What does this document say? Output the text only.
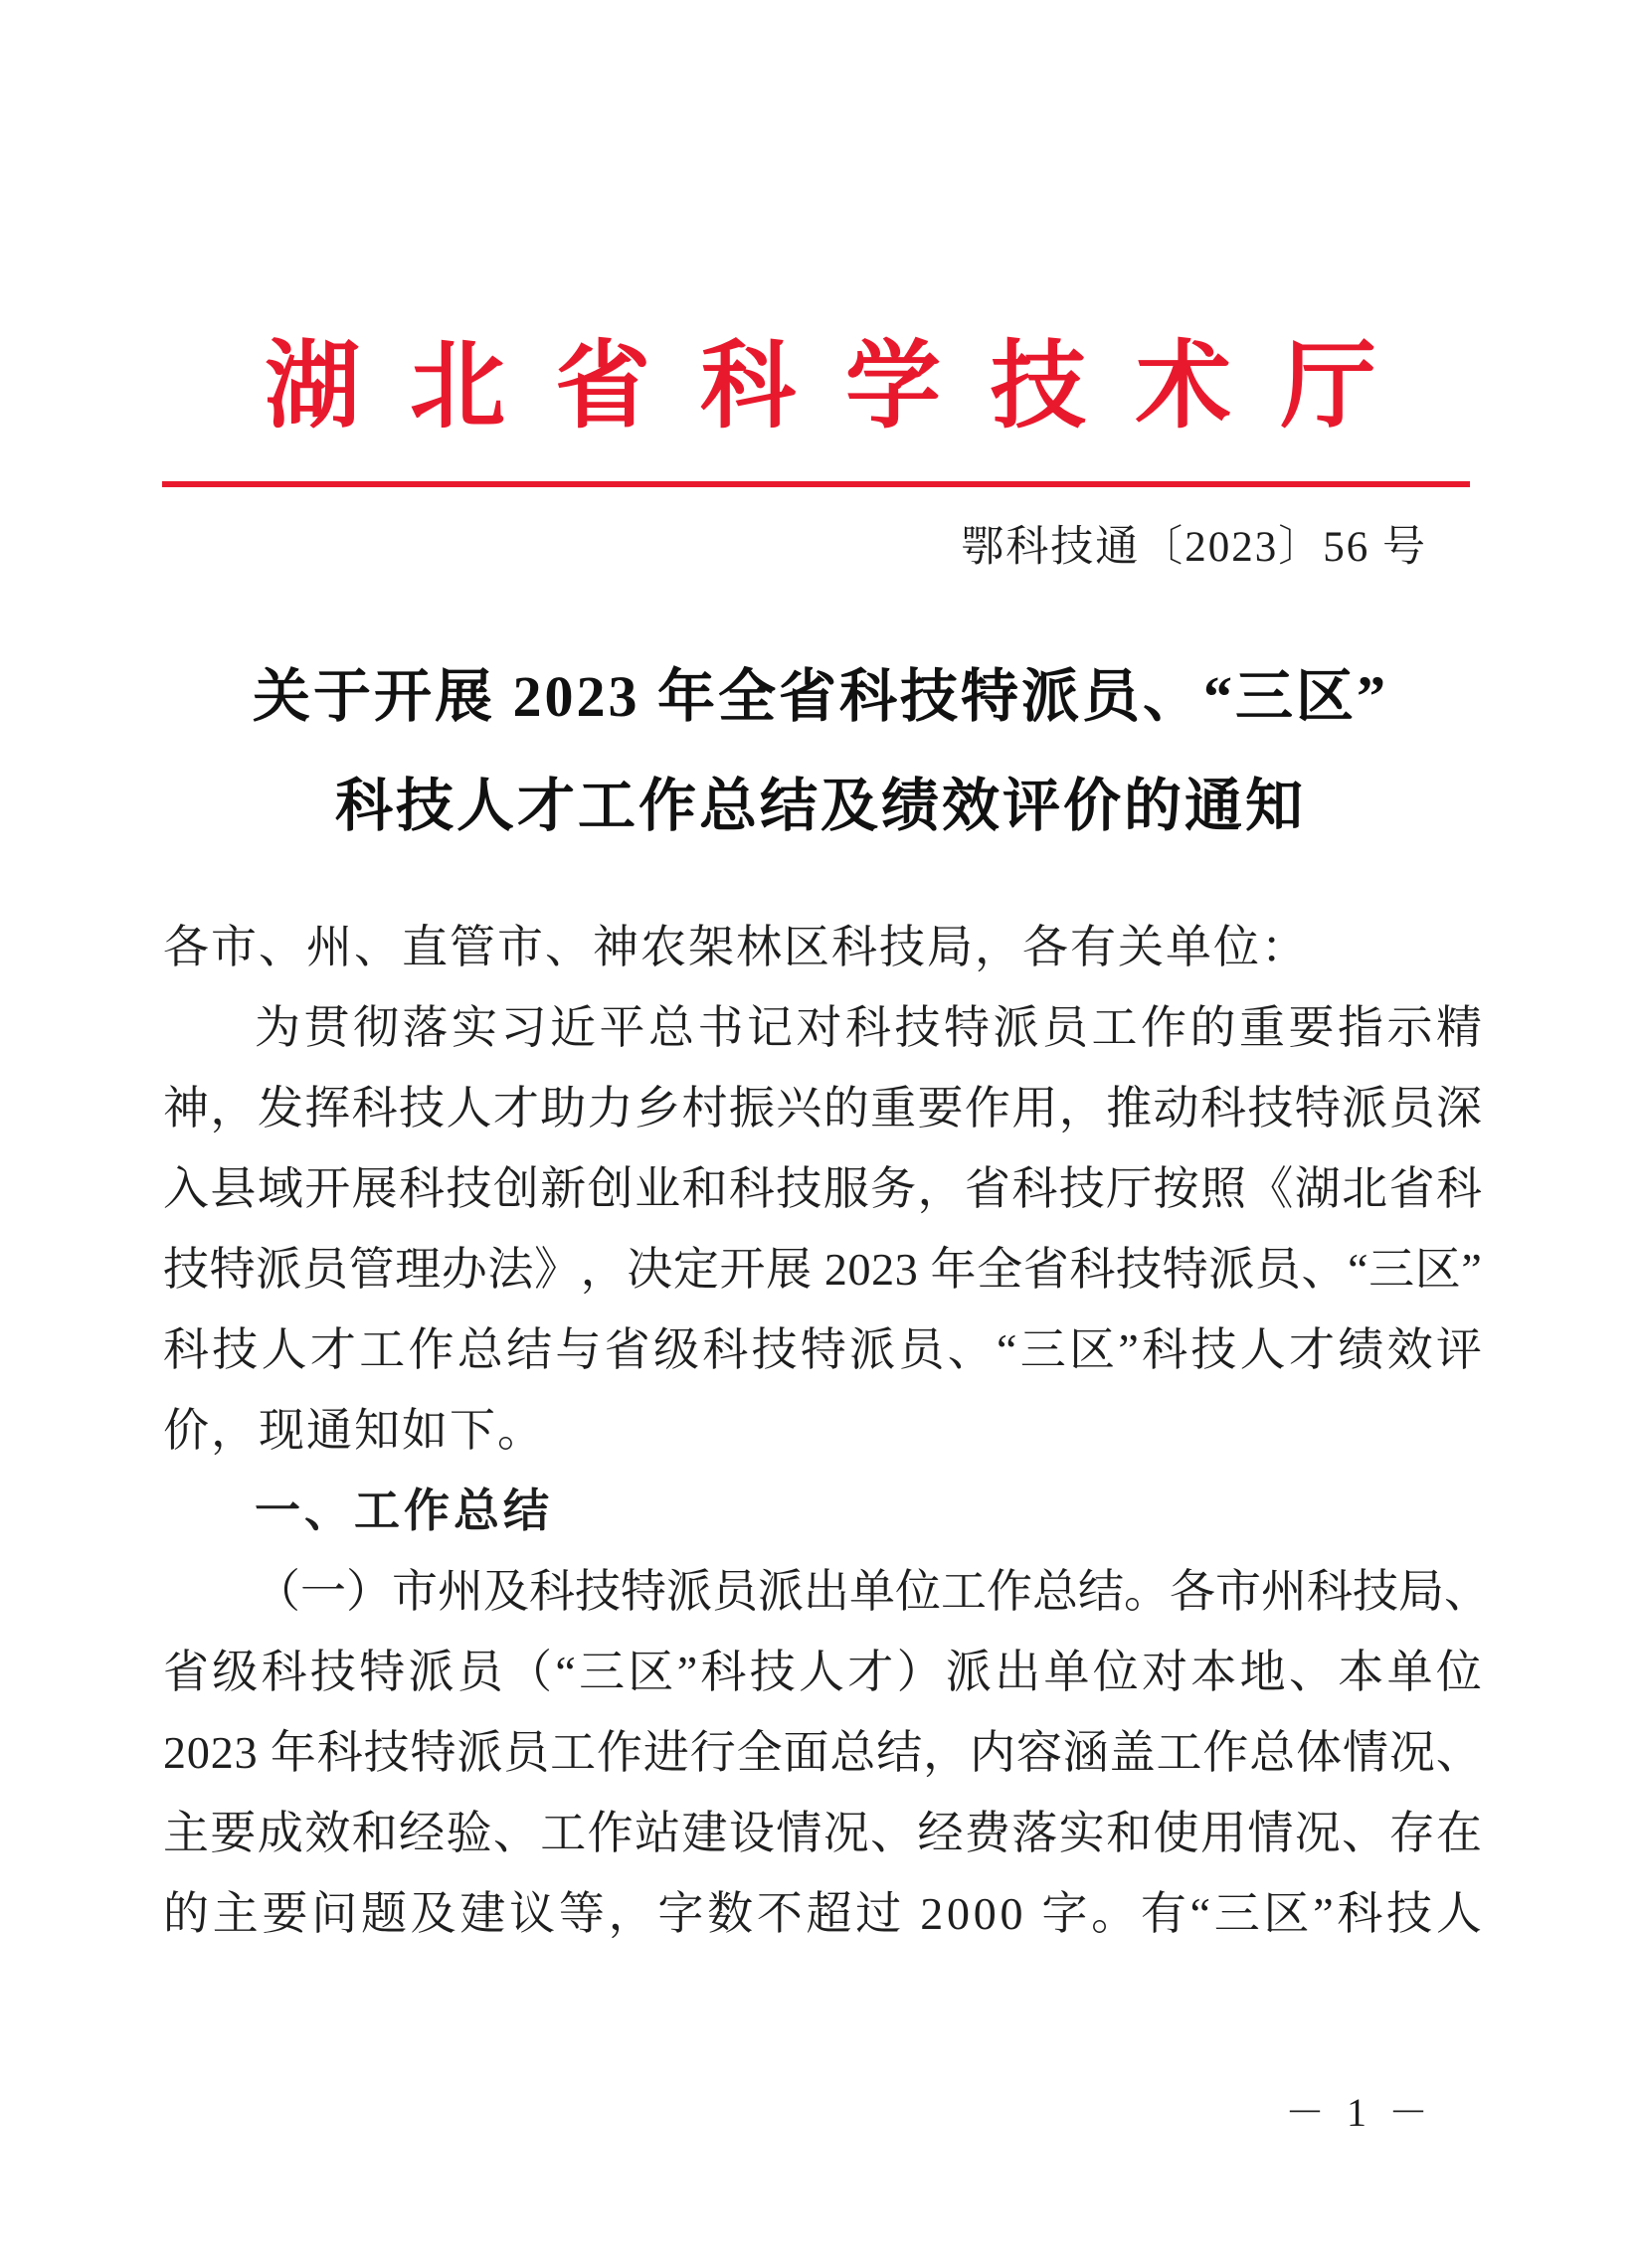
湖北省科学技术厅
鄂科技通〔2023〕56 号
关于开展 2023 年全省科技特派员、“三区”
科技人才工作总结及绩效评价的通知
各市、州、直管市、神农架林区科技局，各有关单位：
为 贯 彻 落 实 习 近 平 总 书 记 对 科 技 特 派 员 工 作 的 重 要 指 示 精
神 ， 发 挥 科 技 人 才 助 力 乡 村 振 兴 的 重 要 作 用 ， 推 动 科 技 特 派 员 深
入 县 域 开 展 科 技 创 新 创 业 和 科 技 服 务 ， 省 科 技 厅 按 照 《 湖 北 省 科
技 特 派 员 管 理 办 法 》 ， 决 定 开 展
2 0 2 3
年 全 省 科 技 特 派 员 、 “ 三 区 ”
科 技 人 才 工 作 总 结 与 省 级 科 技 特 派 员 、 “ 三 区 ” 科 技 人 才 绩 效 评
价，现通知如下。
一、工作总结
（ 一 ） 市 州 及 科 技 特 派 员 派 出 单 位 工 作 总 结 。 各 市 州 科 技 局 、
省 级 科 技 特 派 员 （ “ 三 区 ” 科 技 人 才 ） 派 出 单 位 对 本 地 、 本 单 位
2 0 2 3
年 科 技 特 派 员 工 作 进 行 全 面 总 结 ， 内 容 涵 盖 工 作 总 体 情 况 、
主 要 成 效 和 经 验 、 工 作 站 建 设 情 况 、 经 费 落 实 和 使 用 情 况 、 存 在
的 主 要 问 题 及 建 议 等 ， 字 数 不 超 过
2 0 0 0
字 。 有 “ 三 区 ” 科 技 人
－ 1 －
